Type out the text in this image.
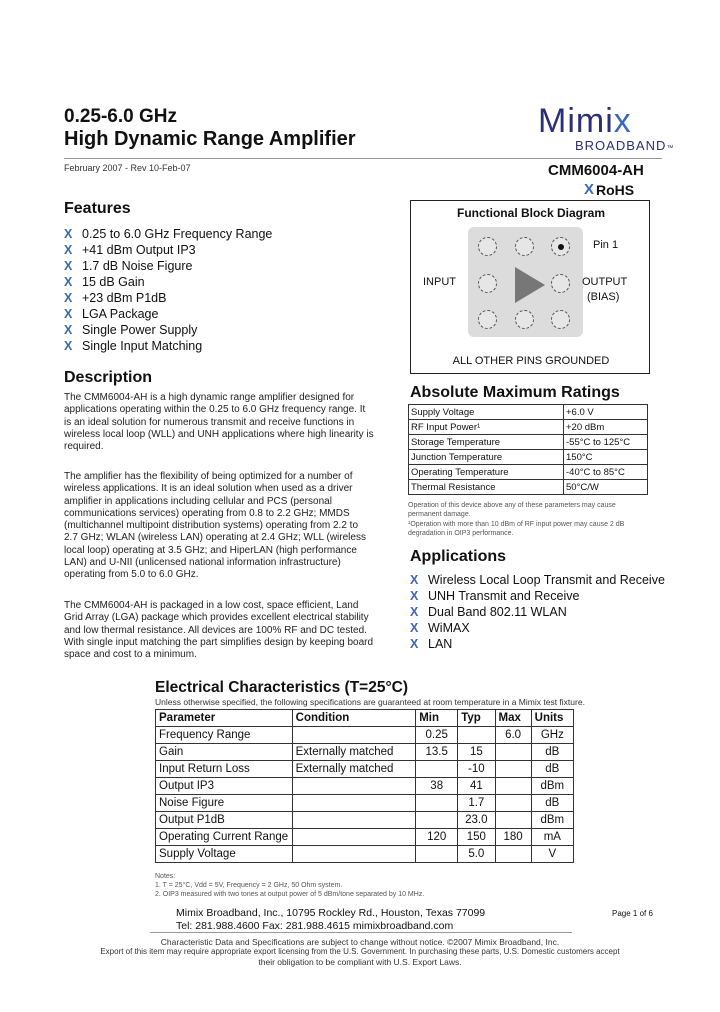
0.25-6.0 GHz
High Dynamic Range Amplifier
February 2007 - Rev 10-Feb-07
Mimix
BROADBAND™
CMM6004-AH
X RoHS
Features
X 0.25 to 6.0 GHz Frequency Range
X +41 dBm Output IP3
X 1.7 dB Noise Figure
X 15 dB Gain
X +23 dBm P1dB
X LGA Package
X Single Power Supply
X Single Input Matching
Description

The CMM6004-AH is a high dynamic range amplifier designed for applications operating within the 0.25 to 6.0 GHz frequency range. It is an ideal solution for numerous transmit and receive functions in wireless local loop (WLL) and UNH applications where high linearity is required.

The amplifier has the flexibility of being optimized for a number of wireless applications. It is an ideal solution when used as a driver amplifier in applications including cellular and PCS (personal communications services) operating from 0.8 to 2.2 GHz; MMDS (multichannel multipoint distribution systems) operating from 2.2 to 2.7 GHz; WLAN (wireless LAN) operating at 2.4 GHz; WLL (wireless local loop) operating at 3.5 GHz; and HiperLAN (high performance LAN) and U-NII (unlicensed national information infrastructure) operating from 5.0 to 6.0 GHz.

The CMM6004-AH is packaged in a low cost, space efficient, Land Grid Array (LGA) package which provides excellent electrical stability and low thermal resistance. All devices are 100% RF and DC tested. With single input matching the part simplifies design by keeping board space and cost to a minimum.

Functional Block Diagram
Pin 1
INPUT	OUTPUT
(BIAS)
ALL OTHER PINS GROUNDED
Absolute Maximum Ratings
Supply Voltage	+6.0 V
RF Input Power¹	+20 dBm
Storage Temperature	-55°C to 125°C
Junction Temperature	150°C
Operating Temperature	-40°C to 85°C
Thermal Resistance	50°C/W
Operation of this device above any of these parameters may cause permanent damage.
¹Operation with more than 10 dBm of RF input power may cause 2 dB degradation in OIP3 performance.
Applications
X Wireless Local Loop Transmit and Receive
X UNH Transmit and Receive
X Dual Band 802.11 WLAN
X WiMAX
X LAN
Electrical Characteristics (T=25°C)
Unless otherwise specified, the following specifications are guaranteed at room temperature in a Mimix test fixture.
Parameter	Condition	Min	Typ	Max	Units
Frequency Range		0.25		6.0	GHz
Gain	Externally matched	13.5	15		dB
Input Return Loss	Externally matched		-10		dB
Output IP3		38	41		dBm
Noise Figure			1.7		dB
Output P1dB			23.0		dBm
Operating Current Range		120	150	180	mA
Supply Voltage			5.0		V
Notes:
1. T = 25°C, Vdd = 5V, Frequency = 2 GHz, 50 Ohm system.
2. OIP3 measured with two tones at output power of 5 dBm/tone separated by 10 MHz.
Mimix Broadband, Inc., 10795 Rockley Rd., Houston, Texas 77099
Tel: 281.988.4600 Fax: 281.988.4615 mimixbroadband.com
Page 1 of 6
Characteristic Data and Specifications are subject to change without notice. ©2007 Mimix Broadband, Inc.
Export of this item may require appropriate export licensing from the U.S. Government. In purchasing these parts, U.S. Domestic customers accept
their obligation to be compliant with U.S. Export Laws.
